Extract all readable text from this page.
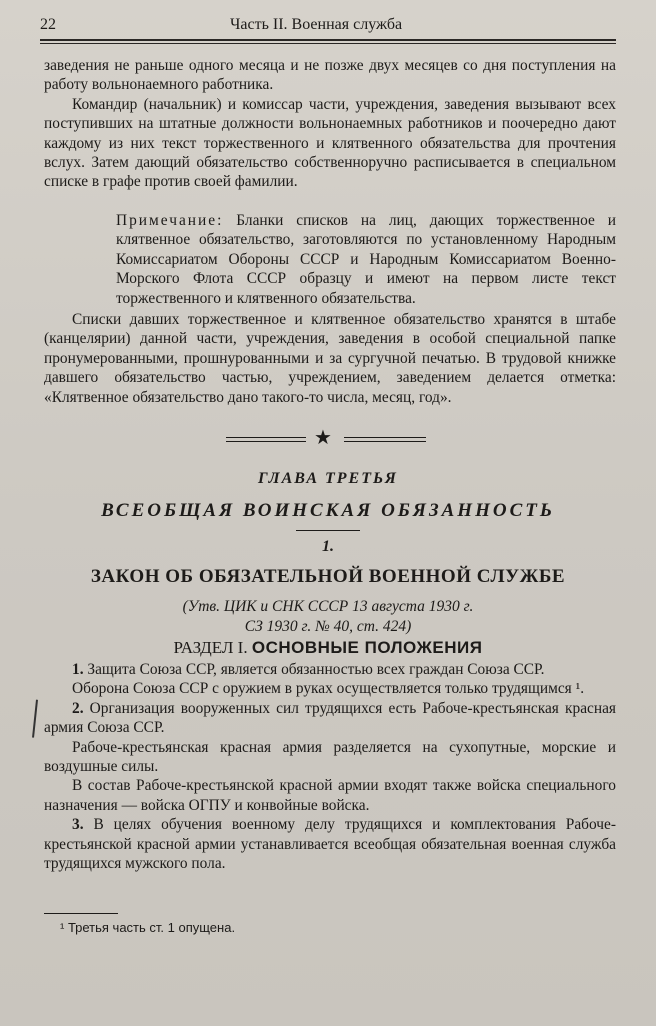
22	Часть II. Военная служба

заведения не раньше одного месяца и не позже двух месяцев со дня поступления на работу вольнонаемного работника.

Командир (начальник) и комиссар части, учреждения, заведения вызывают всех поступивших на штатные должности вольнонаемных работников и поочередно дают каждому из них текст торжественного и клятвенного обязательства для прочтения вслух. Затем дающий обязательство собственноручно расписывается в специальном списке в графе против своей фамилии.

Примечание: Бланки списков на лиц, дающих торжественное и клятвенное обязательство, заготовляются по установленному Народным Комиссариатом Обороны СССР и Народным Комиссариатом Военно-Морского Флота СССР образцу и имеют на первом листе текст торжественного и клятвенного обязательства.

Списки давших торжественное и клятвенное обязательство хранятся в штабе (канцелярии) данной части, учреждения, заведения в особой специальной папке пронумерованными, прошнурованными и за сургучной печатью. В трудовой книжке давшего обязательство частью, учреждением, заведением делается отметка: «Клятвенное обязательство дано такого-то числа, месяц, год».

★
ГЛАВА ТРЕТЬЯ
ВСЕОБЩАЯ ВОИНСКАЯ ОБЯЗАННОСТЬ
1.
ЗАКОН ОБ ОБЯЗАТЕЛЬНОЙ ВОЕННОЙ СЛУЖБЕ
(Утв. ЦИК и СНК СССР 13 августа 1930 г.
СЗ 1930 г. № 40, ст. 424)
РАЗДЕЛ I. ОСНОВНЫЕ ПОЛОЖЕНИЯ

1. Защита Союза ССР, является обязанностью всех граждан Союза ССР.

Оборона Союза ССР с оружием в руках осуществляется только трудящимся ¹.

2. Организация вооруженных сил трудящихся есть Рабоче-крестьянская красная армия Союза ССР.

Рабоче-крестьянская красная армия разделяется на сухопутные, морские и воздушные силы.

В состав Рабоче-крестьянской красной армии входят также войска специального назначения — войска ОГПУ и конвойные войска.

3. В целях обучения военному делу трудящихся и комплектования Рабоче-крестьянской красной армии устанавливается всеобщая обязательная военная служба трудящихся мужского пола.

¹ Третья часть ст. 1 опущена.
